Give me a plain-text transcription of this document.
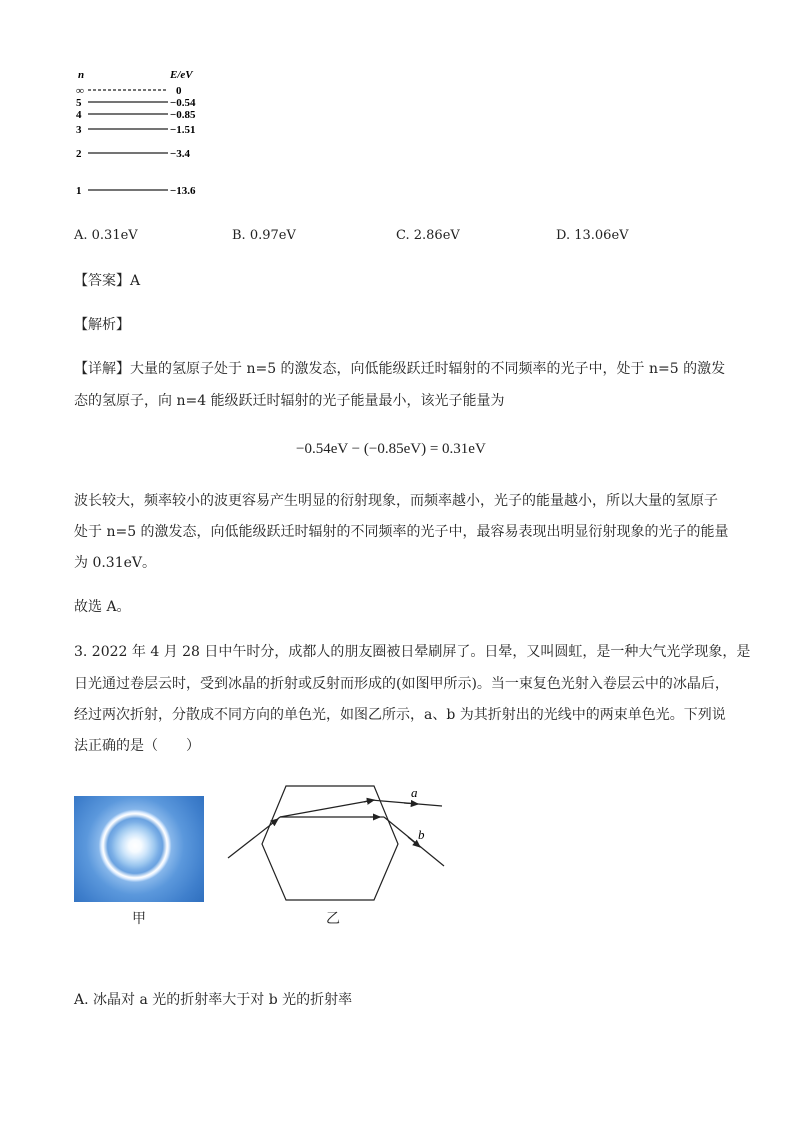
n	E/eV
∞	0
5	−0.54
4	−0.85
3	−1.51
2	−3.4
1	−13.6
A. 0.31eV	B. 0.97eV	C. 2.86eV	D. 13.06eV
【答案】A
【解析】
【详解】大量的氢原子处于 n=5 的激发态，向低能级跃迁时辐射的不同频率的光子中，处于 n=5 的激发
态的氢原子，向 n=4 能级跃迁时辐射的光子能量最小，该光子能量为
−0.54eV − (−0.85eV) = 0.31eV
波长较大，频率较小的波更容易产生明显的衍射现象，而频率越小，光子的能量越小，所以大量的氢原子
处于 n=5 的激发态，向低能级跃迁时辐射的不同频率的光子中，最容易表现出明显衍射现象的光子的能量
为 0.31eV。
故选 A。
3. 2022 年 4 月 28 日中午时分，成都人的朋友圈被日晕刷屏了。日晕，又叫圆虹，是一种大气光学现象，是
日光通过卷层云时，受到冰晶的折射或反射而形成的(如图甲所示)。当一束复色光射入卷层云中的冰晶后，
经过两次折射，分散成不同方向的单色光，如图乙所示，a、b 为其折射出的光线中的两束单色光。下列说
法正确的是（　　）
甲
a
b
乙
A. 冰晶对 a 光的折射率大于对 b 光的折射率
